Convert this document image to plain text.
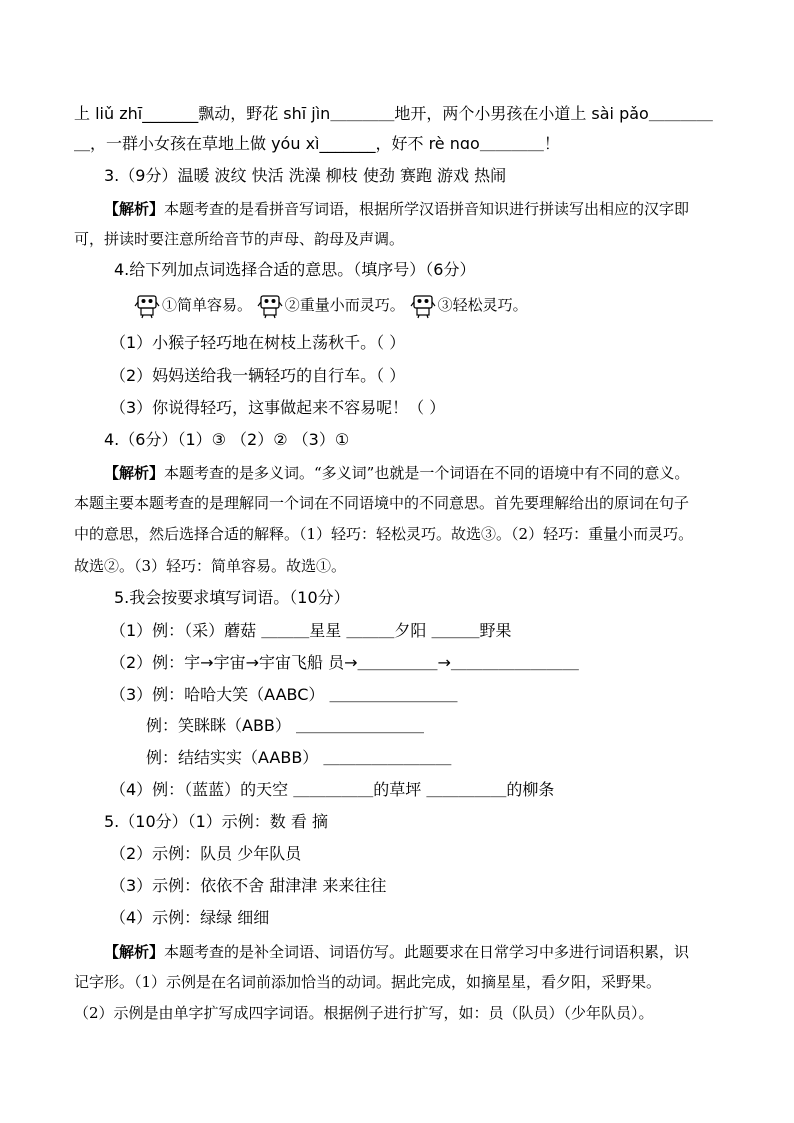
上 liǔ zhī_______飘动，野花 shī jìn＿＿＿＿地开，两个小男孩在小道上 sài pǎo＿＿＿＿
＿，一群小女孩在草地上做 yóu xì_______，好不 rè nɑo＿＿＿＿！
3.（9分）温暖 波纹 快活 洗澡 柳枝 使劲 赛跑 游戏 热闹
【解析】本题考查的是看拼音写词语，根据所学汉语拼音知识进行拼读写出相应的汉字即
可，拼读时要注意所给音节的声母、韵母及声调。
4.给下列加点词选择合适的意思。（填序号）（6分）
①简单容易。 ②重量小而灵巧。 ③轻松灵巧。
（1）小猴子轻巧地在树枝上荡秋千。（ ）
（2）妈妈送给我一辆轻巧的自行车。（ ）
（3）你说得轻巧，这事做起来不容易呢！（ ）
4.（6分）（1）③ （2）② （3）①
【解析】本题考查的是多义词。“多义词”也就是一个词语在不同的语境中有不同的意义。
本题主要本题考查的是理解同一个词在不同语境中的不同意思。首先要理解给出的原词在句子
中的意思，然后选择合适的解释。（1）轻巧：轻松灵巧。故选③。（2）轻巧：重量小而灵巧。
故选②。（3）轻巧：简单容易。故选①。
5.我会按要求填写词语。（10分）
（1）例：（采）蘑菇 ＿＿＿星星 ＿＿＿夕阳 ＿＿＿野果
（2）例：宇→宇宙→宇宙飞船 员→＿＿＿＿＿→＿＿＿＿＿＿＿＿
（3）例：哈哈大笑（AABC） ＿＿＿＿＿＿＿＿
例：笑眯眯（ABB） ＿＿＿＿＿＿＿＿
例：结结实实（AABB） ＿＿＿＿＿＿＿＿
（4）例：（蓝蓝）的天空 ＿＿＿＿＿的草坪 ＿＿＿＿＿的柳条
5.（10分）（1）示例：数 看 摘
（2）示例：队员 少年队员
（3）示例：依依不舍 甜津津 来来往往
（4）示例：绿绿 细细
【解析】本题考查的是补全词语、词语仿写。此题要求在日常学习中多进行词语积累，识
记字形。（1）示例是在名词前添加恰当的动词。据此完成，如摘星星，看夕阳，采野果。
（2）示例是由单字扩写成四字词语。根据例子进行扩写，如：员（队员）（少年队员）。
